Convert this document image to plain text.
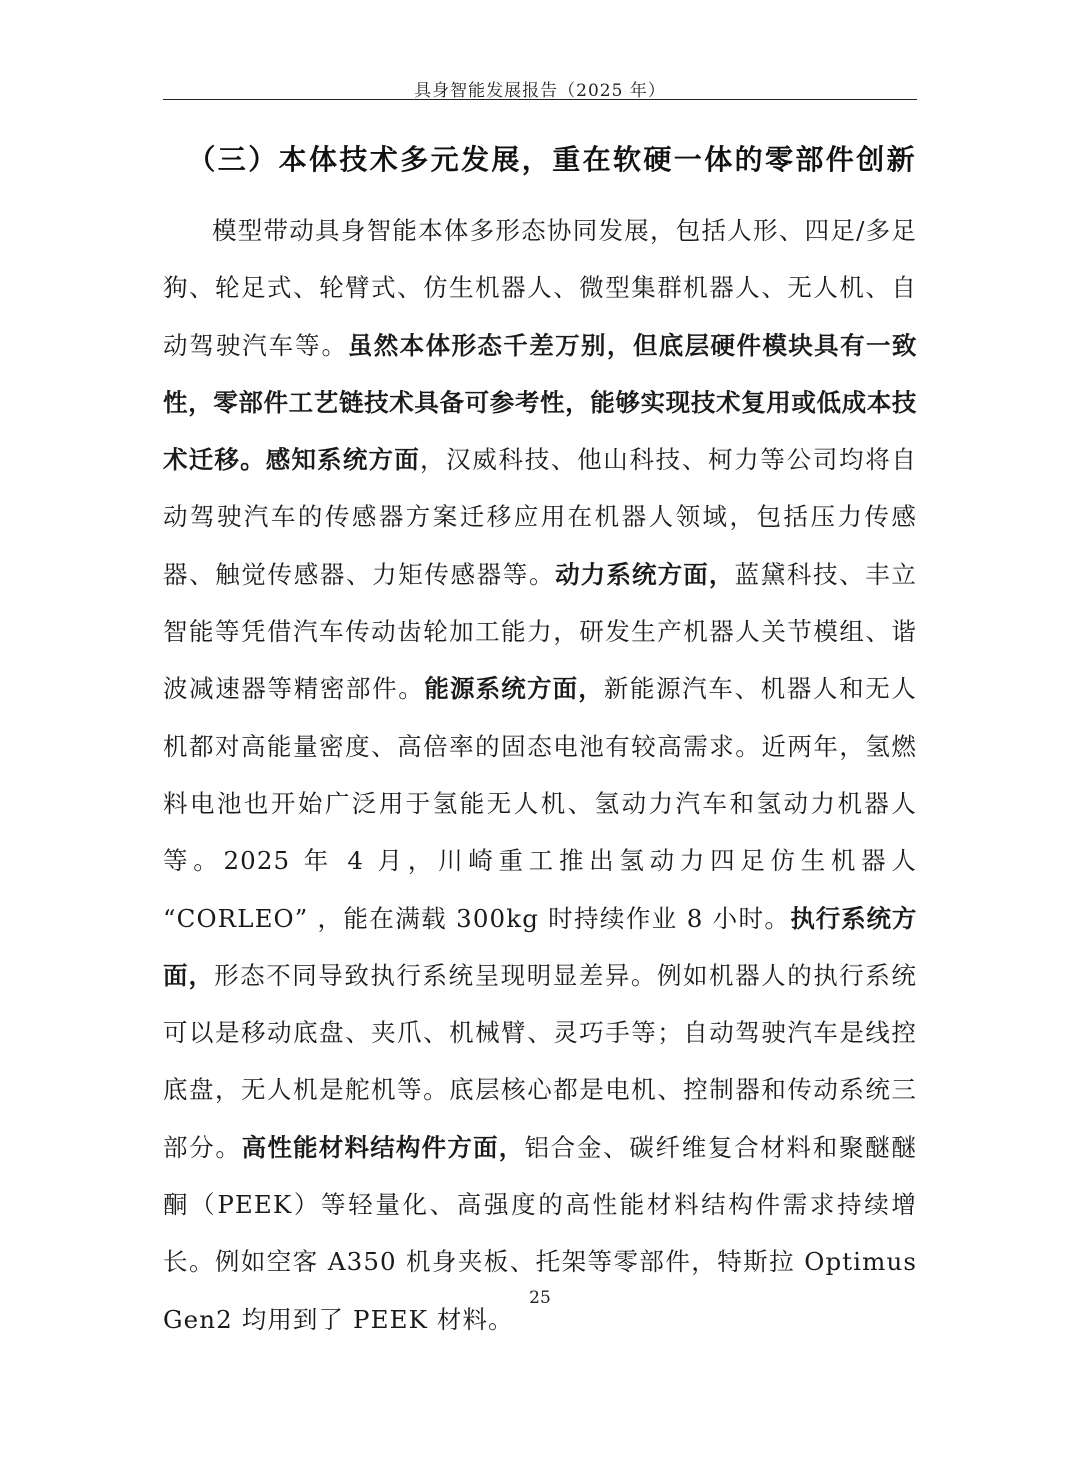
具身智能发展报告（2025 年）
（三）本体技术多元发展，重在软硬一体的零部件创新

模型带动具身智能本体多形态协同发展，包括人形、四足/多足狗、轮足式、轮臂式、仿生机器人、微型集群机器人、无人机、自动驾驶汽车等。虽然本体形态千差万别，但底层硬件模块具有一致性，零部件工艺链技术具备可参考性，能够实现技术复用或低成本技术迁移。感知系统方面，汉威科技、他山科技、柯力等公司均将自动驾驶汽车的传感器方案迁移应用在机器人领域，包括压力传感器、触觉传感器、力矩传感器等。动力系统方面，蓝黛科技、丰立智能等凭借汽车传动齿轮加工能力，研发生产机器人关节模组、谐波减速器等精密部件。能源系统方面，新能源汽车、机器人和无人机都对高能量密度、高倍率的固态电池有较高需求。近两年，氢燃料电池也开始广泛用于氢能无人机、氢动力汽车和氢动力机器人等。2025 年 4 月，川崎重工推出氢动力四足仿生机器人 “CORLEO” ，能在满载 300kg 时持续作业 8 小时。执行系统方面，形态不同导致执行系统呈现明显差异。例如机器人的执行系统可以是移动底盘、夹爪、机械臂、灵巧手等；自动驾驶汽车是线控底盘，无人机是舵机等。底层核心都是电机、控制器和传动系统三部分。高性能材料结构件方面，铝合金、碳纤维复合材料和聚醚醚酮（PEEK）等轻量化、高强度的高性能材料结构件需求持续增长。例如空客 A350 机身夹板、托架等零部件，特斯拉 Optimus Gen2 均用到了 PEEK 材料。

25
